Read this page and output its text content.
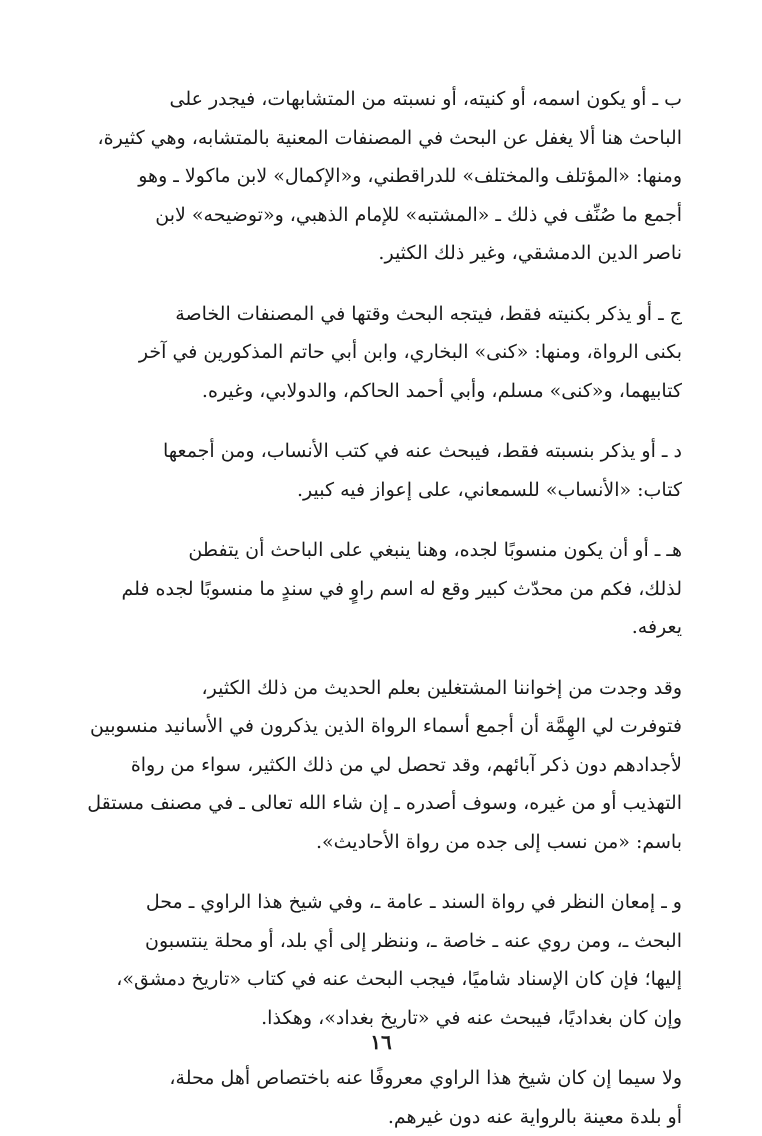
ب ـ أو يكون اسمه، أو كنيته، أو نسبته من المتشابهات، فيجدر على
الباحث هنا ألا يغفل عن البحث في المصنفات المعنية بالمتشابه، وهي كثيرة،
ومنها: «المؤتلف والمختلف» للدراقطني، و«الإكمال» لابن ماكولا ـ وهو
أجمع ما صُنِّف في ذلك ـ «المشتبه» للإمام الذهبي، و«توضيحه» لابن
ناصر الدين الدمشقي، وغير ذلك الكثير.

ج ـ أو يذكر بكنيته فقط، فيتجه البحث وقتها في المصنفات الخاصة
بكنى الرواة، ومنها: «كنى» البخاري، وابن أبي حاتم المذكورين في آخر
كتابيهما، و«كنى» مسلم، وأبي أحمد الحاكم، والدولابي، وغيره.

د ـ أو يذكر بنسبته فقط، فيبحث عنه في كتب الأنساب، ومن أجمعها
كتاب: «الأنساب» للسمعاني، على إعواز فيه كبير.

هـ ـ أو أن يكون منسوبًا لجده، وهنا ينبغي على الباحث أن يتفطن
لذلك، فكم من محدّث كبير وقع له اسم راوٍ في سندٍ ما منسوبًا لجده فلم
يعرفه.

وقد وجدت من إخواننا المشتغلين بعلم الحديث من ذلك الكثير،
فتوفرت لي الهِمَّة أن أجمع أسماء الرواة الذين يذكرون في الأسانيد منسوبين
لأجدادهم دون ذكر آبائهم، وقد تحصل لي من ذلك الكثير، سواء من رواة
التهذيب أو من غيره، وسوف أصدره ـ إن شاء الله تعالى ـ في مصنف مستقل
باسم: «من نسب إلى جده من رواة الأحاديث».

و ـ إمعان النظر في رواة السند ـ عامة ـ، وفي شيخ هذا الراوي ـ محل
البحث ـ، ومن روي عنه ـ خاصة ـ، وننظر إلى أي بلد، أو محلة ينتسبون
إليها؛ فإن كان الإسناد شاميًا، فيجب البحث عنه في كتاب «تاريخ دمشق»،
وإن كان بغداديًا، فيبحث عنه في «تاريخ بغداد»، وهكذا.

ولا سيما إن كان شيخ هذا الراوي معروفًا عنه باختصاص أهل محلة،
أو بلدة معينة بالرواية عنه دون غيرهم.

١٦
